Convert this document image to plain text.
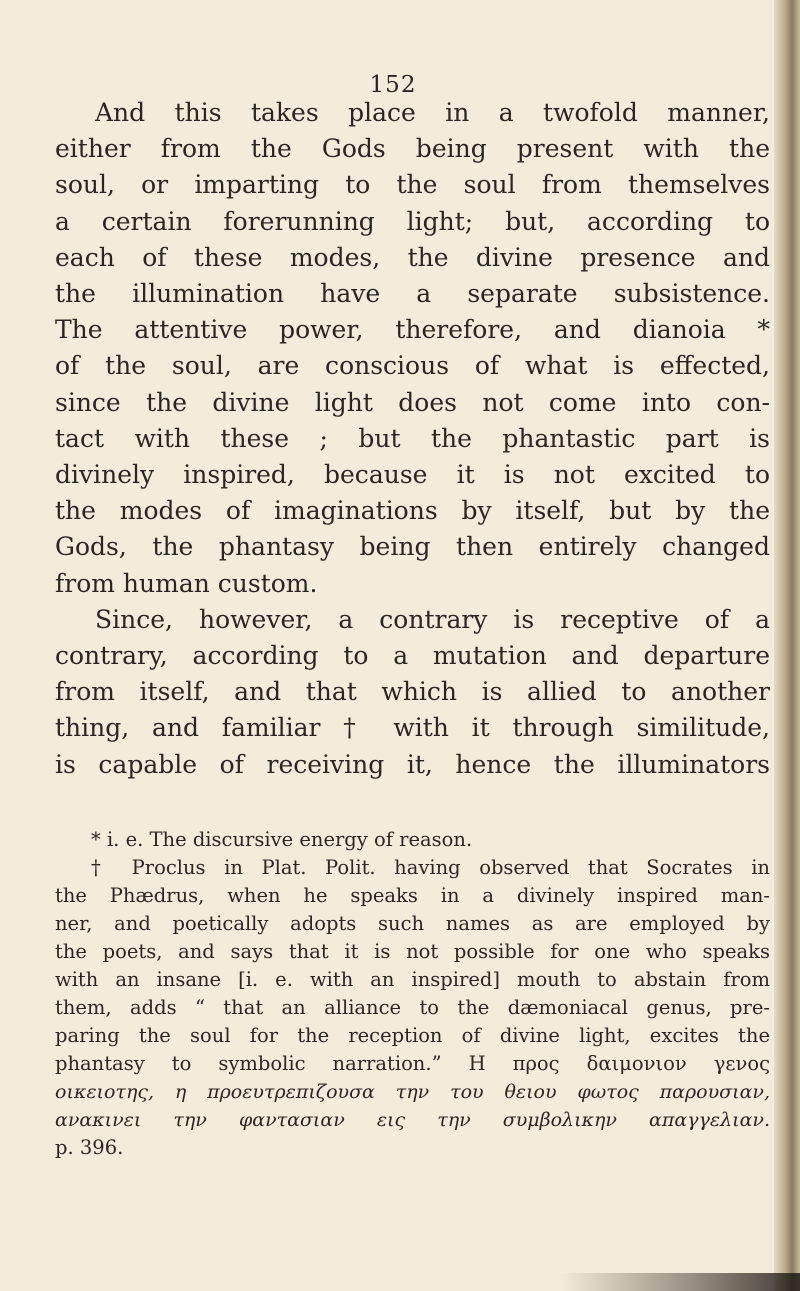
152
And this takes place in a twofold manner,
either from the Gods being present with the
soul, or imparting to the soul from themselves
a certain forerunning light; but, according to
each of these modes, the divine presence and
the illumination have a separate subsistence.
The attentive power, therefore, and dianoia *
of the soul, are conscious of what is effected,
since the divine light does not come into con-
tact with these ; but the phantastic part is
divinely inspired, because it is not excited to
the modes of imaginations by itself, but by the
Gods, the phantasy being then entirely changed
from human custom.
Since, however, a contrary is receptive of a
contrary, according to a mutation and departure
from itself, and that which is allied to another
thing, and familiar † with it through similitude,
is capable of receiving it, hence the illuminators
* i. e. The discursive energy of reason.
† Proclus in Plat. Polit. having observed that Socrates in
the Phædrus, when he speaks in a divinely inspired man-
ner, and poetically adopts such names as are employed by
the poets, and says that it is not possible for one who speaks
with an insane [i. e. with an inspired] mouth to abstain from
them, adds “ that an alliance to the dæmoniacal genus, pre-
paring the soul for the reception of divine light, excites the
phantasy to symbolic narration.” Η προς δαιμονιον γενος
οικειοτης, η προευτρεπιζουσα την του θειου φωτος παρουσιαν,
ανακινει την φαντασιαν εις την συμβολικην απαγγελιαν.
p. 396.
